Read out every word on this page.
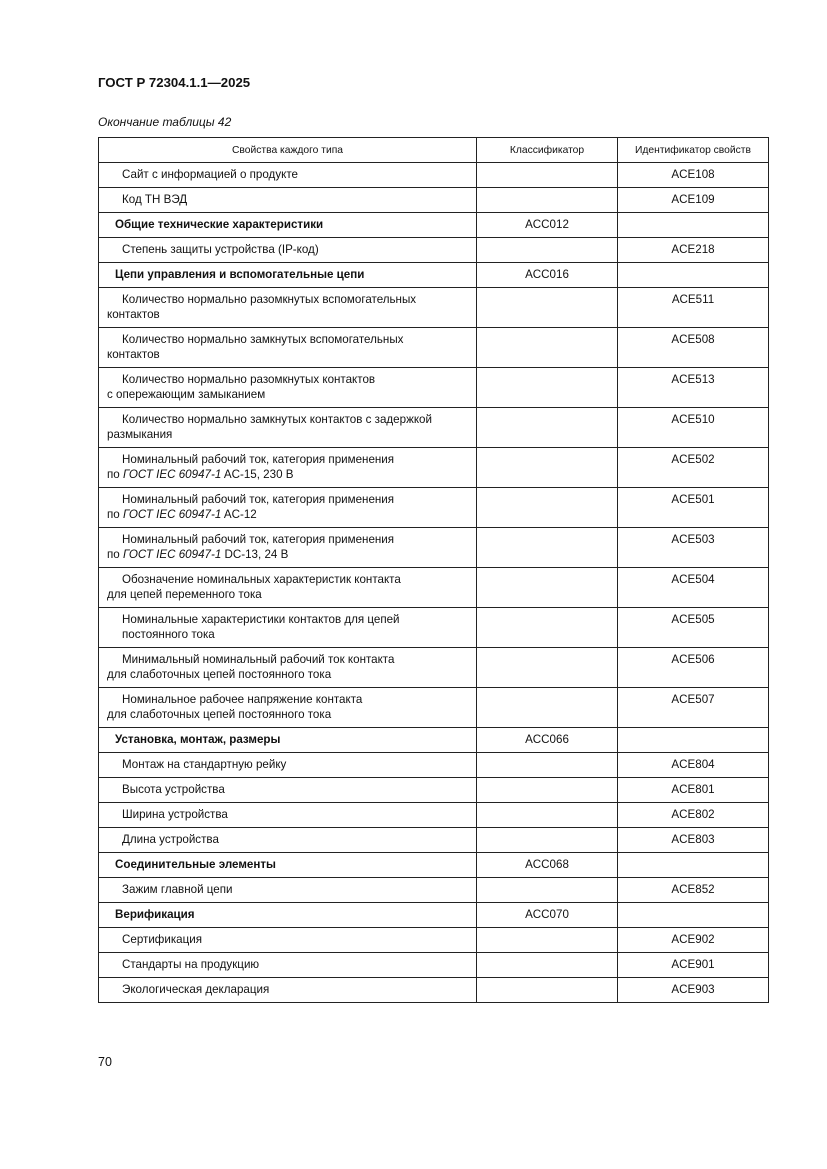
ГОСТ Р 72304.1.1—2025
Окончание таблицы 42
Свойства каждого типа	Классификатор	Идентификатор свойств

Сайт с информацией о продукте		ACE108

Код ТН ВЭД		ACE109

Общие технические характеристики	ACC012	

Степень защиты устройства (IP-код)		ACE218

Цепи управления и вспомогательные цепи	ACC016	

Количество нормально разомкнутых вспомогательных
контактов		ACE511

Количество нормально замкнутых вспомогательных
контактов		ACE508

Количество нормально разомкнутых контактов
с опережающим замыканием		ACE513

Количество нормально замкнутых контактов с задержкой
размыкания		ACE510

Номинальный рабочий ток, категория применения
по ГОСТ IEC 60947-1 AC-15, 230 В		ACE502

Номинальный рабочий ток, категория применения
по ГОСТ IEC 60947-1 AC-12		ACE501

Номинальный рабочий ток, категория применения
по ГОСТ IEC 60947-1 DC-13, 24 В		ACE503

Обозначение номинальных характеристик контакта
для цепей переменного тока		ACE504

Номинальные характеристики контактов для цепей
постоянного тока		ACE505

Минимальный номинальный рабочий ток контакта
для слаботочных цепей постоянного тока		ACE506

Номинальное рабочее напряжение контакта
для слаботочных цепей постоянного тока		ACE507

Установка, монтаж, размеры	ACC066	

Монтаж на стандартную рейку		ACE804

Высота устройства		ACE801

Ширина устройства		ACE802

Длина устройства		ACE803

Соединительные элементы	ACC068	

Зажим главной цепи		ACE852

Верификация	ACC070	

Сертификация		ACE902

Стандарты на продукцию		ACE901

Экологическая декларация		ACE903
70
